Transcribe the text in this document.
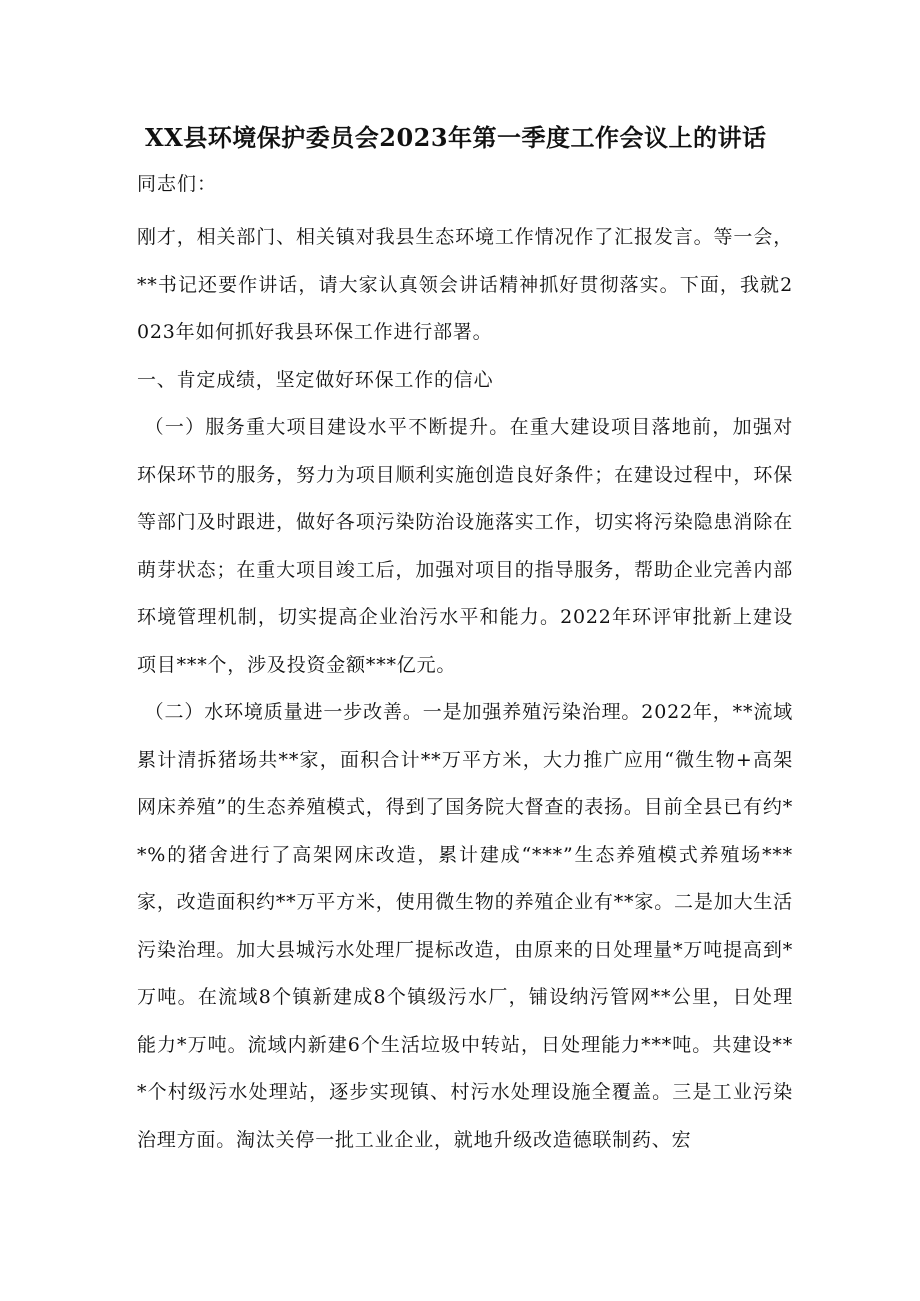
XX县环境保护委员会2023年第一季度工作会议上的讲话
同志们：

刚才，相关部门、相关镇对我县生态环境工作情况作了汇报发言。等一会，**书记还要作讲话，请大家认真领会讲话精神抓好贯彻落实。下面，我就2023年如何抓好我县环保工作进行部署。

一、肯定成绩，坚定做好环保工作的信心

（一）服务重大项目建设水平不断提升。在重大建设项目落地前，加强对环保环节的服务，努力为项目顺利实施创造良好条件；在建设过程中，环保等部门及时跟进，做好各项污染防治设施落实工作，切实将污染隐患消除在萌芽状态；在重大项目竣工后，加强对项目的指导服务，帮助企业完善内部环境管理机制，切实提高企业治污水平和能力。2022年环评审批新上建设项目***个，涉及投资金额***亿元。

（二）水环境质量进一步改善。一是加强养殖污染治理。2022年，**流域累计清拆猪场共**家，面积合计**万平方米，大力推广应用“微生物+高架网床养殖”的生态养殖模式，得到了国务院大督查的表扬。目前全县已有约**%的猪舍进行了高架网床改造，累计建成“***”生态养殖模式养殖场***家，改造面积约**万平方米，使用微生物的养殖企业有**家。二是加大生活污染治理。加大县城污水处理厂提标改造，由原来的日处理量*万吨提高到*万吨。在流域8个镇新建成8个镇级污水厂，铺设纳污管网**公里，日处理能力*万吨。流域内新建6个生活垃圾中转站，日处理能力***吨。共建设***个村级污水处理站，逐步实现镇、村污水处理设施全覆盖。三是工业污染治理方面。淘汰关停一批工业企业，就地升级改造德联制药、宏
